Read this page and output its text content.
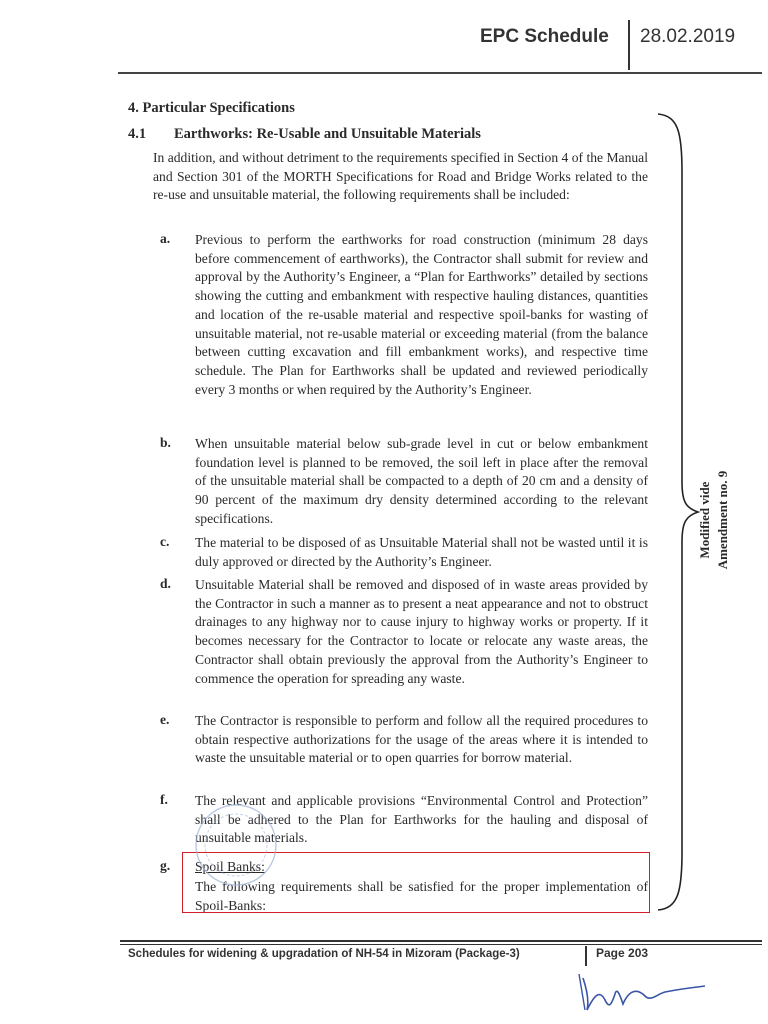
EPC Schedule 28.02.2019
4. Particular Specifications
4.1 Earthworks: Re-Usable and Unsuitable Materials
In addition, and without detriment to the requirements specified in Section 4 of the Manual and Section 301 of the MORTH Specifications for Road and Bridge Works related to the re-use and unsuitable material, the following requirements shall be included:
a. Previous to perform the earthworks for road construction (minimum 28 days before commencement of earthworks), the Contractor shall submit for review and approval by the Authority’s Engineer, a “Plan for Earthworks” detailed by sections showing the cutting and embankment with respective hauling distances, quantities and location of the re-usable material and respective spoil-banks for wasting of unsuitable material, not re-usable material or exceeding material (from the balance between cutting excavation and fill embankment works), and respective time schedule. The Plan for Earthworks shall be updated and reviewed periodically every 3 months or when required by the Authority’s Engineer.
b. When unsuitable material below sub-grade level in cut or below embankment foundation level is planned to be removed, the soil left in place after the removal of the unsuitable material shall be compacted to a depth of 20 cm and a density of 90 percent of the maximum dry density determined according to the relevant specifications.
c. The material to be disposed of as Unsuitable Material shall not be wasted until it is duly approved or directed by the Authority’s Engineer.
d. Unsuitable Material shall be removed and disposed of in waste areas provided by the Contractor in such a manner as to present a neat appearance and not to obstruct drainages to any highway nor to cause injury to highway works or property. If it becomes necessary for the Contractor to locate or relocate any waste areas, the Contractor shall obtain previously the approval from the Authority’s Engineer to commence the operation for spreading any waste.
e. The Contractor is responsible to perform and follow all the required procedures to obtain respective authorizations for the usage of the areas where it is intended to waste the unsuitable material or to open quarries for borrow material.
f. The relevant and applicable provisions “Environmental Control and Protection” shall be adhered to the Plan for Earthworks for the hauling and disposal of unsuitable materials.
g. Spoil Banks:
The following requirements shall be satisfied for the proper implementation of Spoil-Banks:
Modified vide Amendment no. 9
Schedules for widening & upgradation of NH-54 in Mizoram (Package-3)	Page 203
